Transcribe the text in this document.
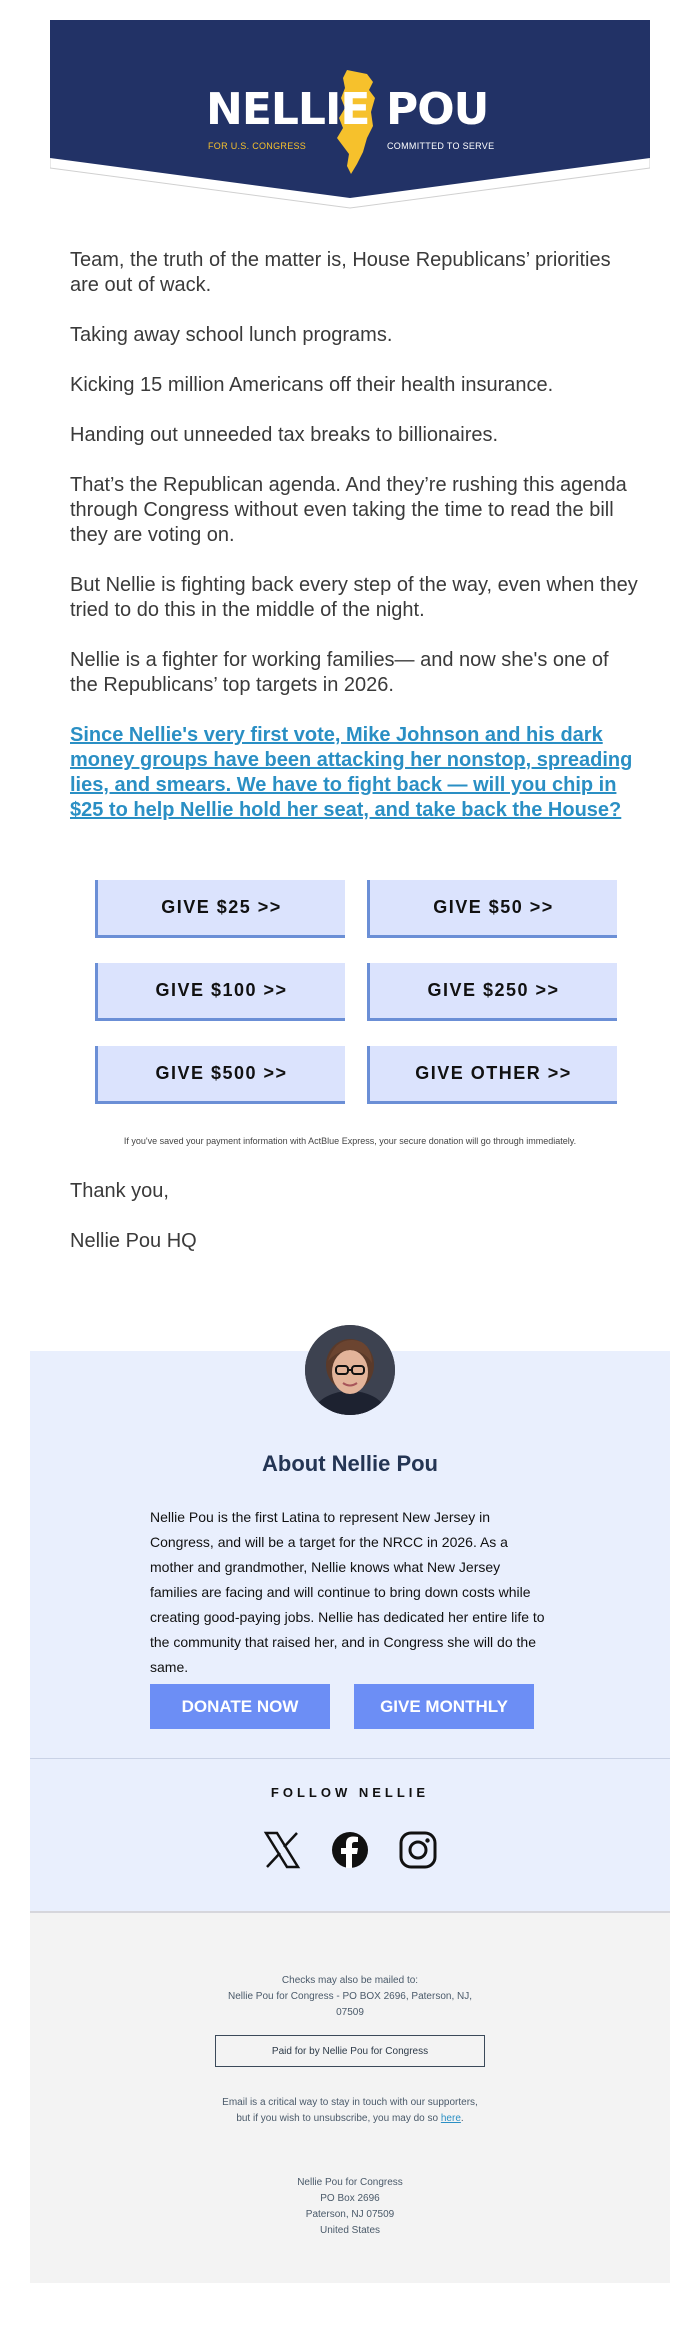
NELLIE POU
FOR U.S. CONGRESS	COMMITTED TO SERVE

Team, the truth of the matter is, House Republicans’ priorities are out of wack.

Taking away school lunch programs.

Kicking 15 million Americans off their health insurance.

Handing out unneeded tax breaks to billionaires.

That’s the Republican agenda. And they’re rushing this agenda through Congress without even taking the time to read the bill they are voting on.

But Nellie is fighting back every step of the way, even when they tried to do this in the middle of the night.

Nellie is a fighter for working families— and now she's one of the Republicans’ top targets in 2026.

Since Nellie's very first vote, Mike Johnson and his dark money groups have been attacking her nonstop, spreading lies, and smears. We have to fight back — will you chip in $25 to help Nellie hold her seat, and take back the House?
GIVE $25 >>	GIVE $50 >>
GIVE $100 >>	GIVE $250 >>
GIVE $500 >>	GIVE OTHER >>
If you've saved your payment information with ActBlue Express, your secure donation will go through immediately.
Thank you,
Nellie Pou HQ
About Nellie Pou
Nellie Pou is the first Latina to represent New Jersey in Congress, and will be a target for the NRCC in 2026. As a mother and grandmother, Nellie knows what New Jersey families are facing and will continue to bring down costs while creating good-paying jobs. Nellie has dedicated her entire life to the community that raised her, and in Congress she will do the same.
DONATE NOW	GIVE MONTHLY
FOLLOW NELLIE
Checks may also be mailed to:
Nellie Pou for Congress - PO BOX 2696, Paterson, NJ, 07509
Paid for by Nellie Pou for Congress
Email is a critical way to stay in touch with our supporters, but if you wish to unsubscribe, you may do so here.
Nellie Pou for Congress
PO Box 2696
Paterson, NJ 07509
United States
